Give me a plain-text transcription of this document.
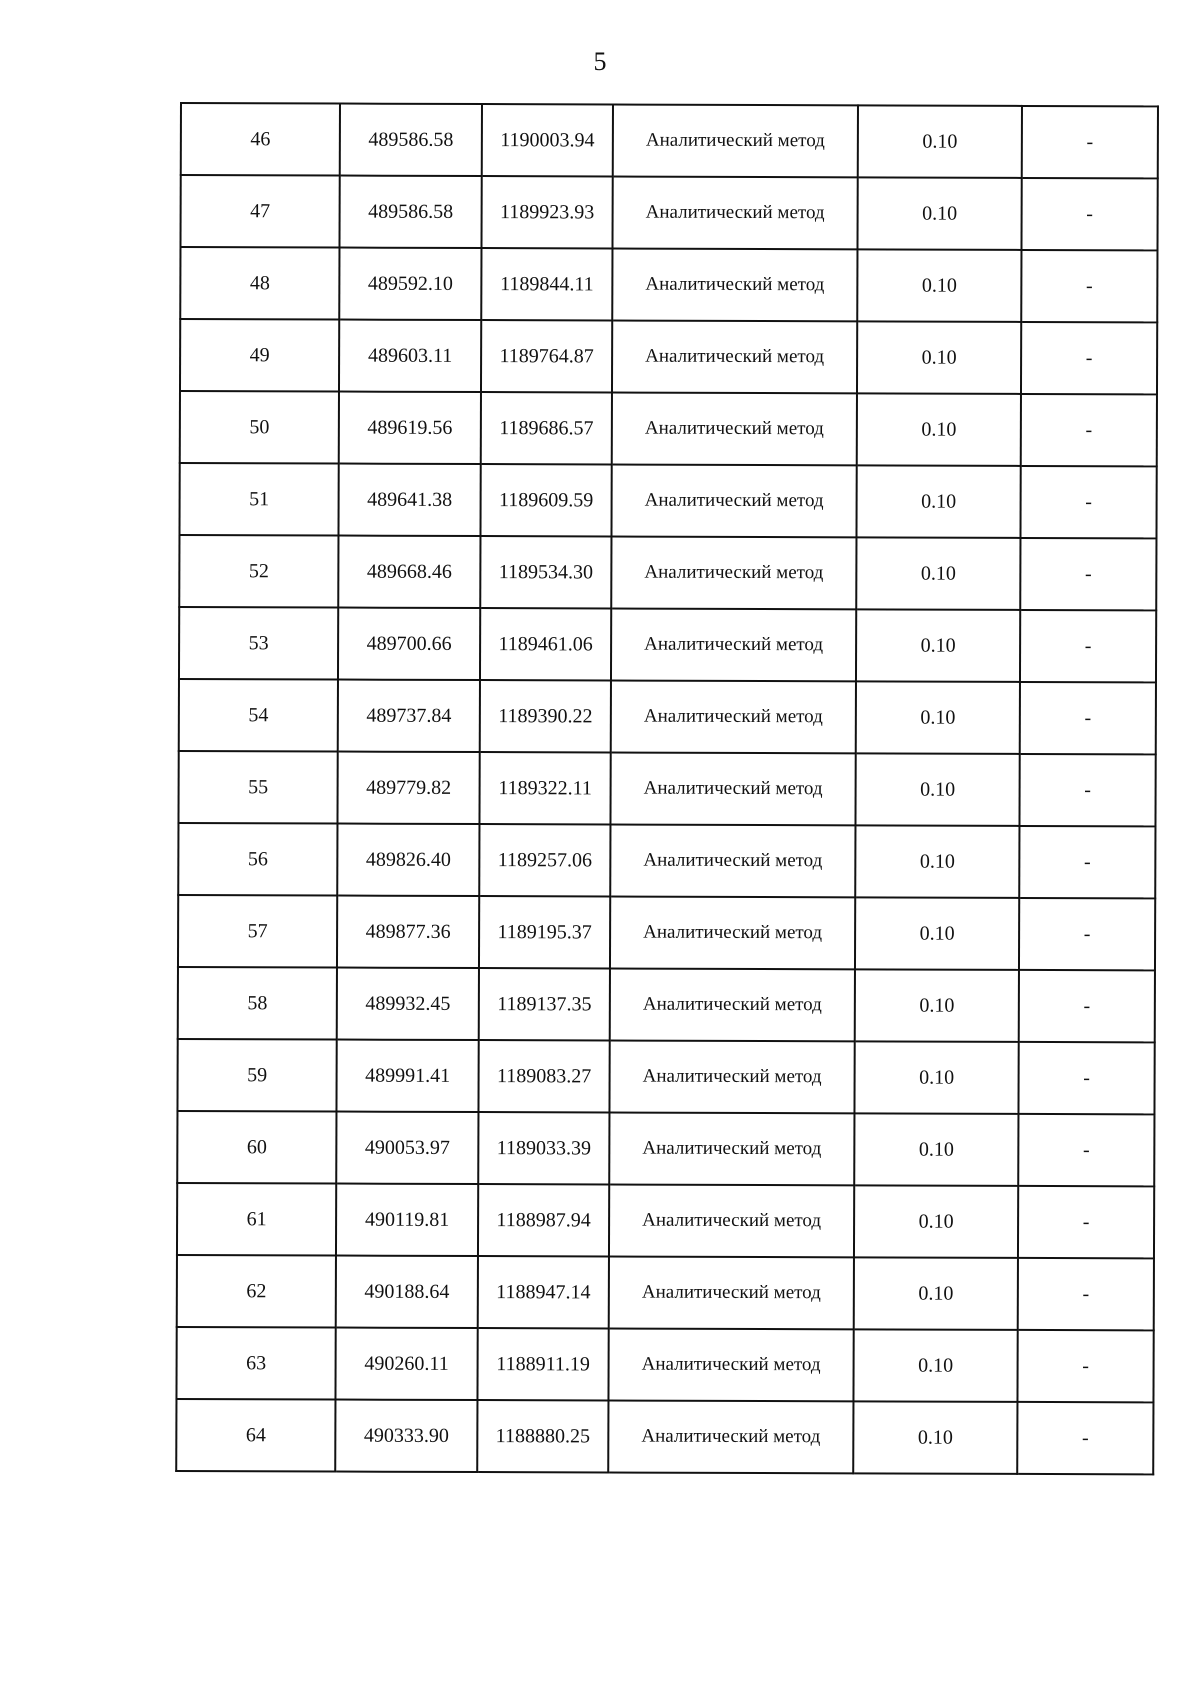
5
46	489586.58	1190003.94	Аналитический метод	0.10	-
47	489586.58	1189923.93	Аналитический метод	0.10	-
48	489592.10	1189844.11	Аналитический метод	0.10	-
49	489603.11	1189764.87	Аналитический метод	0.10	-
50	489619.56	1189686.57	Аналитический метод	0.10	-
51	489641.38	1189609.59	Аналитический метод	0.10	-
52	489668.46	1189534.30	Аналитический метод	0.10	-
53	489700.66	1189461.06	Аналитический метод	0.10	-
54	489737.84	1189390.22	Аналитический метод	0.10	-
55	489779.82	1189322.11	Аналитический метод	0.10	-
56	489826.40	1189257.06	Аналитический метод	0.10	-
57	489877.36	1189195.37	Аналитический метод	0.10	-
58	489932.45	1189137.35	Аналитический метод	0.10	-
59	489991.41	1189083.27	Аналитический метод	0.10	-
60	490053.97	1189033.39	Аналитический метод	0.10	-
61	490119.81	1188987.94	Аналитический метод	0.10	-
62	490188.64	1188947.14	Аналитический метод	0.10	-
63	490260.11	1188911.19	Аналитический метод	0.10	-
64	490333.90	1188880.25	Аналитический метод	0.10	-
